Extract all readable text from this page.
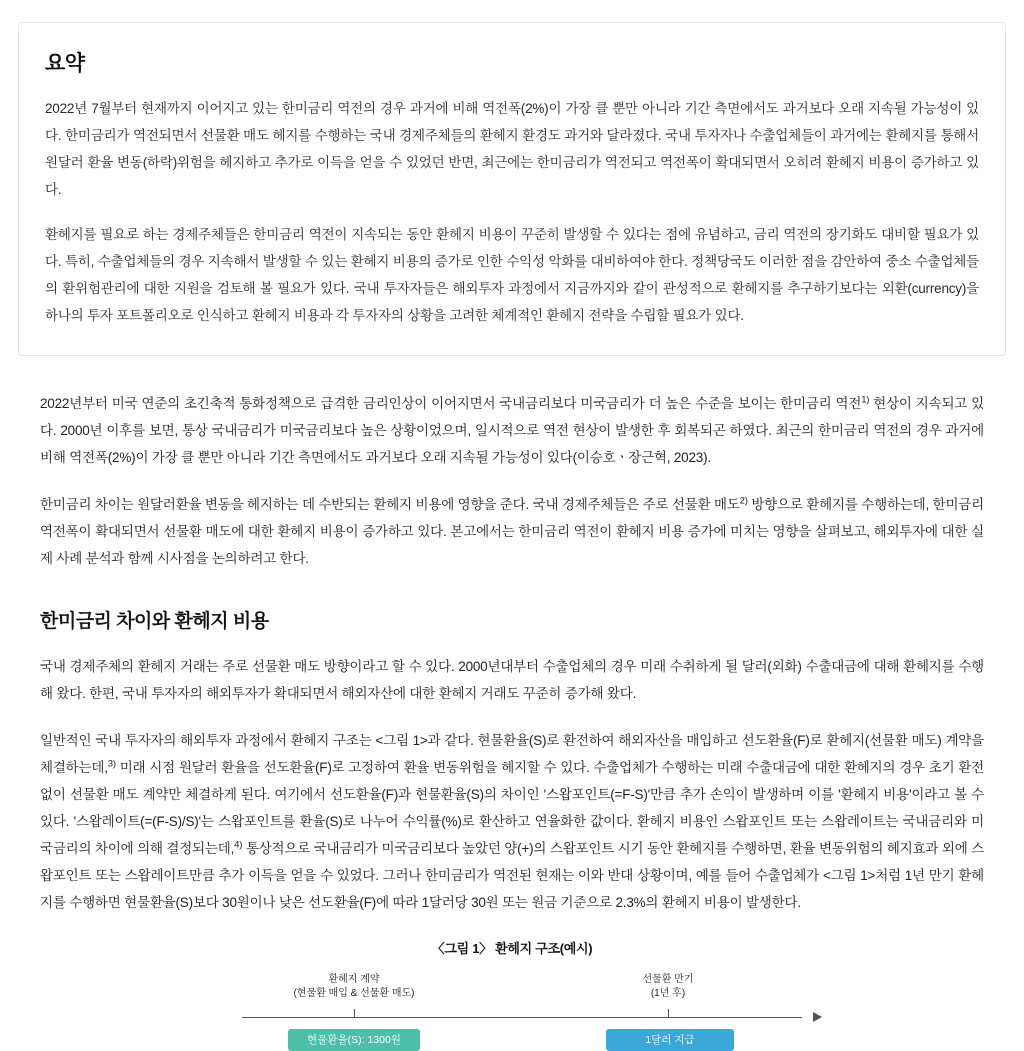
요약

2022년 7월부터 현재까지 이어지고 있는 한미금리 역전의 경우 과거에 비해 역전폭(2%)이 가장 클 뿐만 아니라 기간 측면에서도 과거보다 오래 지속될 가능성이 있다. 한미금리가 역전되면서 선물환 매도 헤지를 수행하는 국내 경제주체들의 환헤지 환경도 과거와 달라졌다. 국내 투자자나 수출업체들이 과거에는 환헤지를 통해서 원달러 환율 변동(하락)위험을 헤지하고 추가로 이득을 얻을 수 있었던 반면, 최근에는 한미금리가 역전되고 역전폭이 확대되면서 오히려 환헤지 비용이 증가하고 있다.

환헤지를 필요로 하는 경제주체들은 한미금리 역전이 지속되는 동안 환헤지 비용이 꾸준히 발생할 수 있다는 점에 유념하고, 금리 역전의 장기화도 대비할 필요가 있다. 특히, 수출업체들의 경우 지속해서 발생할 수 있는 환헤지 비용의 증가로 인한 수익성 악화를 대비하여야 한다. 정책당국도 이러한 점을 감안하여 중소 수출업체들의 환위험관리에 대한 지원을 검토해 볼 필요가 있다. 국내 투자자들은 해외투자 과정에서 지금까지와 같이 관성적으로 환헤지를 추구하기보다는 외환(currency)을 하나의 투자 포트폴리오로 인식하고 환헤지 비용과 각 투자자의 상황을 고려한 체계적인 환헤지 전략을 수립할 필요가 있다.

2022년부터 미국 연준의 초긴축적 통화정책으로 급격한 금리인상이 이어지면서 국내금리보다 미국금리가 더 높은 수준을 보이는 한미금리 역전$^{1)}$ 현상이 지속되고 있다. 2000년 이후를 보면, 통상 국내금리가 미국금리보다 높은 상황이었으며, 일시적으로 역전 현상이 발생한 후 회복되곤 하였다. 최근의 한미금리 역전의 경우 과거에 비해 역전폭(2%)이 가장 클 뿐만 아니라 기간 측면에서도 과거보다 오래 지속될 가능성이 있다(이승호ㆍ장근혁, 2023).

한미금리 차이는 원달러환율 변동을 헤지하는 데 수반되는 환헤지 비용에 영향을 준다. 국내 경제주체들은 주로 선물환 매도$^{2)}$ 방향으로 환헤지를 수행하는데, 한미금리 역전폭이 확대되면서 선물환 매도에 대한 환헤지 비용이 증가하고 있다. 본고에서는 한미금리 역전이 환헤지 비용 증가에 미치는 영향을 살펴보고, 해외투자에 대한 실제 사례 분석과 함께 시사점을 논의하려고 한다.

한미금리 차이와 환헤지 비용

국내 경제주체의 환헤지 거래는 주로 선물환 매도 방향이라고 할 수 있다. 2000년대부터 수출업체의 경우 미래 수취하게 될 달러(외화) 수출대금에 대해 환헤지를 수행해 왔다. 한편, 국내 투자자의 해외투자가 확대되면서 해외자산에 대한 환헤지 거래도 꾸준히 증가해 왔다.

일반적인 국내 투자자의 해외투자 과정에서 환헤지 구조는 <그림 1>과 같다. 현물환율(S)로 환전하여 해외자산을 매입하고 선도환율(F)로 환헤지(선물환 매도) 계약을 체결하는데,$^{3)}$ 미래 시점 원달러 환율을 선도환율(F)로 고정하여 환율 변동위험을 헤지할 수 있다. 수출업체가 수행하는 미래 수출대금에 대한 환헤지의 경우 초기 환전 없이 선물환 매도 계약만 체결하게 된다. 여기에서 선도환율(F)과 현물환율(S)의 차이인 '스왑포인트(=F-S)'만큼 추가 손익이 발생하며 이를 '환헤지 비용'이라고 볼 수 있다. '스왑레이트(=(F-S)/S)'는 스왑포인트를 환율(S)로 나누어 수익률(%)로 환산하고 연율화한 값이다. 환헤지 비용인 스왑포인트 또는 스왑레이트는 국내금리와 미국금리의 차이에 의해 결정되는데,$^{4)}$ 통상적으로 국내금리가 미국금리보다 높았던 양(+)의 스왑포인트 시기 동안 환헤지를 수행하면, 환율 변동위험의 헤지효과 외에 스왑포인트 또는 스왑레이트만큼 추가 이득을 얻을 수 있었다. 그러나 한미금리가 역전된 현재는 이와 반대 상황이며, 예를 들어 수출업체가 <그림 1>처럼 1년 만기 환헤지를 수행하면 현물환율(S)보다 30원이나 낮은 선도환율(F)에 따라 1달러당 30원 또는 원금 기준으로 2.3%의 환헤지 비용이 발생한다.

〈그림 1〉 환헤지 구조(예시)
환헤지 계약
(현물환 매입 & 선물환 매도)
선물환 만기
(1년 후)
현물환율(S): 1300원	1달러 지급
